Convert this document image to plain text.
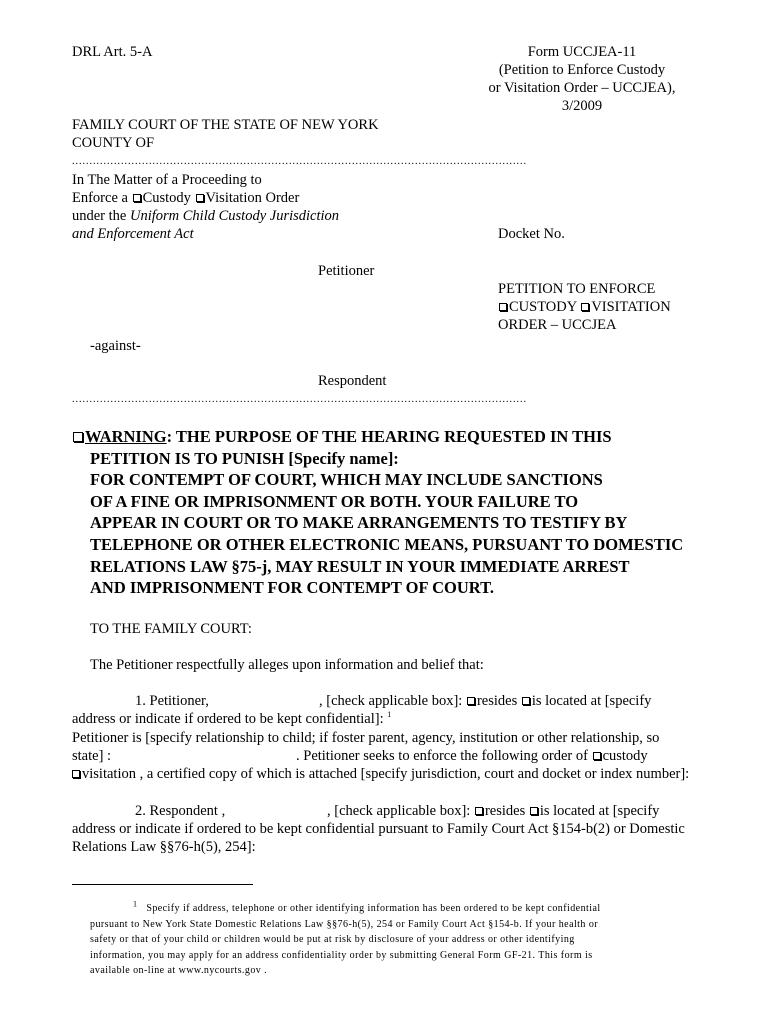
DRL Art. 5-A	Form UCCJEA-11
(Petition to Enforce Custody
or Visitation Order – UCCJEA),
3/2009
FAMILY COURT OF THE STATE OF NEW YORK
COUNTY OF
..................................................................................................................................
In The Matter of a Proceeding to
Enforce a Custody Visitation Order
under the Uniform Child Custody Jurisdiction
and Enforcement Act	Docket No.
Petitioner
PETITION TO ENFORCE
CUSTODY VISITATION
ORDER – UCCJEA
-against-
Respondent
..................................................................................................................................
WARNING: THE PURPOSE OF THE HEARING REQUESTED IN THIS
PETITION IS TO PUNISH [Specify name]:
FOR CONTEMPT OF COURT, WHICH MAY INCLUDE SANCTIONS
OF A FINE OR IMPRISONMENT OR BOTH. YOUR FAILURE TO
APPEAR IN COURT OR TO MAKE ARRANGEMENTS TO TESTIFY BY
TELEPHONE OR OTHER ELECTRONIC MEANS, PURSUANT TO DOMESTIC
RELATIONS LAW §75-j, MAY RESULT IN YOUR IMMEDIATE ARREST
AND IMPRISONMENT FOR CONTEMPT OF COURT.
TO THE FAMILY COURT:
The Petitioner respectfully alleges upon information and belief that:
1. Petitioner,	, [check applicable box]: resides is located at [specify
address or indicate if ordered to be kept confidential]: $^1$
Petitioner is [specify relationship to child; if foster parent, agency, institution or other relationship, so
state] :	. Petitioner seeks to enforce the following order of custody
visitation , a certified copy of which is attached [specify jurisdiction, court and docket or index number]:
2. Respondent ,	, [check applicable box]: resides is located at [specify
address or indicate if ordered to be kept confidential pursuant to Family Court Act §154-b(2) or Domestic
Relations Law §§76-h(5), 254]:
$^1$ Specify if address, telephone or other identifying information has been ordered to be kept confidential
pursuant to New York State Domestic Relations Law §§76-h(5), 254 or Family Court Act §154-b. If your health or
safety or that of your child or children would be put at risk by disclosure of your address or other identifying
information, you may apply for an address confidentiality order by submitting General Form GF-21. This form is
available on-line at www.nycourts.gov .
